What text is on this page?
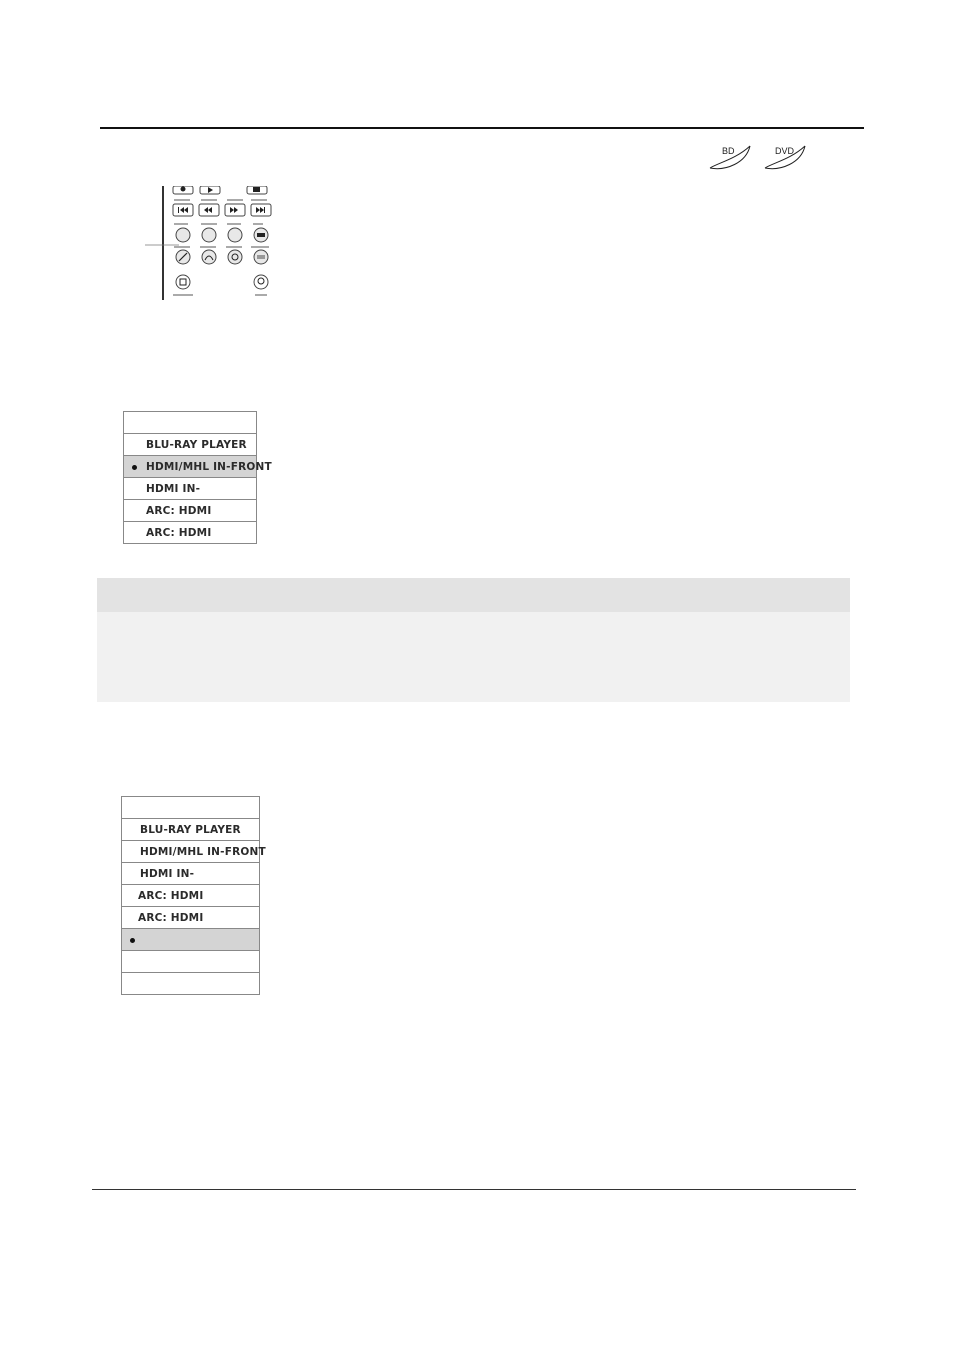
BD	DVD
BLU-RAY PLAYER
HDMI/MHL IN-FRONT
HDMI IN-
ARC: HDMI
ARC: HDMI
BLU-RAY PLAYER
HDMI/MHL IN-FRONT
HDMI IN-
ARC: HDMI
ARC: HDMI
